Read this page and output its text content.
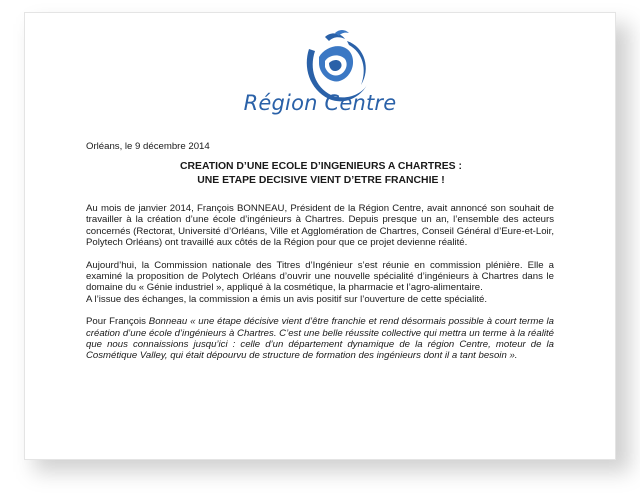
Région Centre
Orléans, le 9 décembre 2014
CREATION D’UNE ECOLE D’INGENIEURS A CHARTRES :
UNE ETAPE DECISIVE VIENT D’ETRE FRANCHIE !

Au mois de janvier 2014, François BONNEAU, Président de la Région Centre, avait annoncé son souhait de travailler à la création d’une école d’ingénieurs à Chartres. Depuis presque un an, l’ensemble des acteurs concernés (Rectorat, Université d’Orléans, Ville et Agglomération de Chartres, Conseil Général d’Eure-et-Loir, Polytech Orléans) ont travaillé aux côtés de la Région pour que ce projet devienne réalité.

Aujourd’hui, la Commission nationale des Titres d’Ingénieur s’est réunie en commission plénière. Elle a examiné la proposition de Polytech Orléans d’ouvrir une nouvelle spécialité d’ingénieurs à Chartres dans le domaine du « Génie industriel », appliqué à la cosmétique, la pharmacie et l’agro-alimentaire.

A l’issue des échanges, la commission a émis un avis positif sur l’ouverture de cette spécialité.

Pour François Bonneau « une étape décisive vient d’être franchie et rend désormais possible à court terme la création d’une école d’ingénieurs à Chartres. C’est une belle réussite collective qui mettra un terme à la réalité que nous connaissions jusqu’ici : celle d’un département dynamique de la région Centre, moteur de la Cosmétique Valley, qui était dépourvu de structure de formation des ingénieurs dont il a tant besoin ».
